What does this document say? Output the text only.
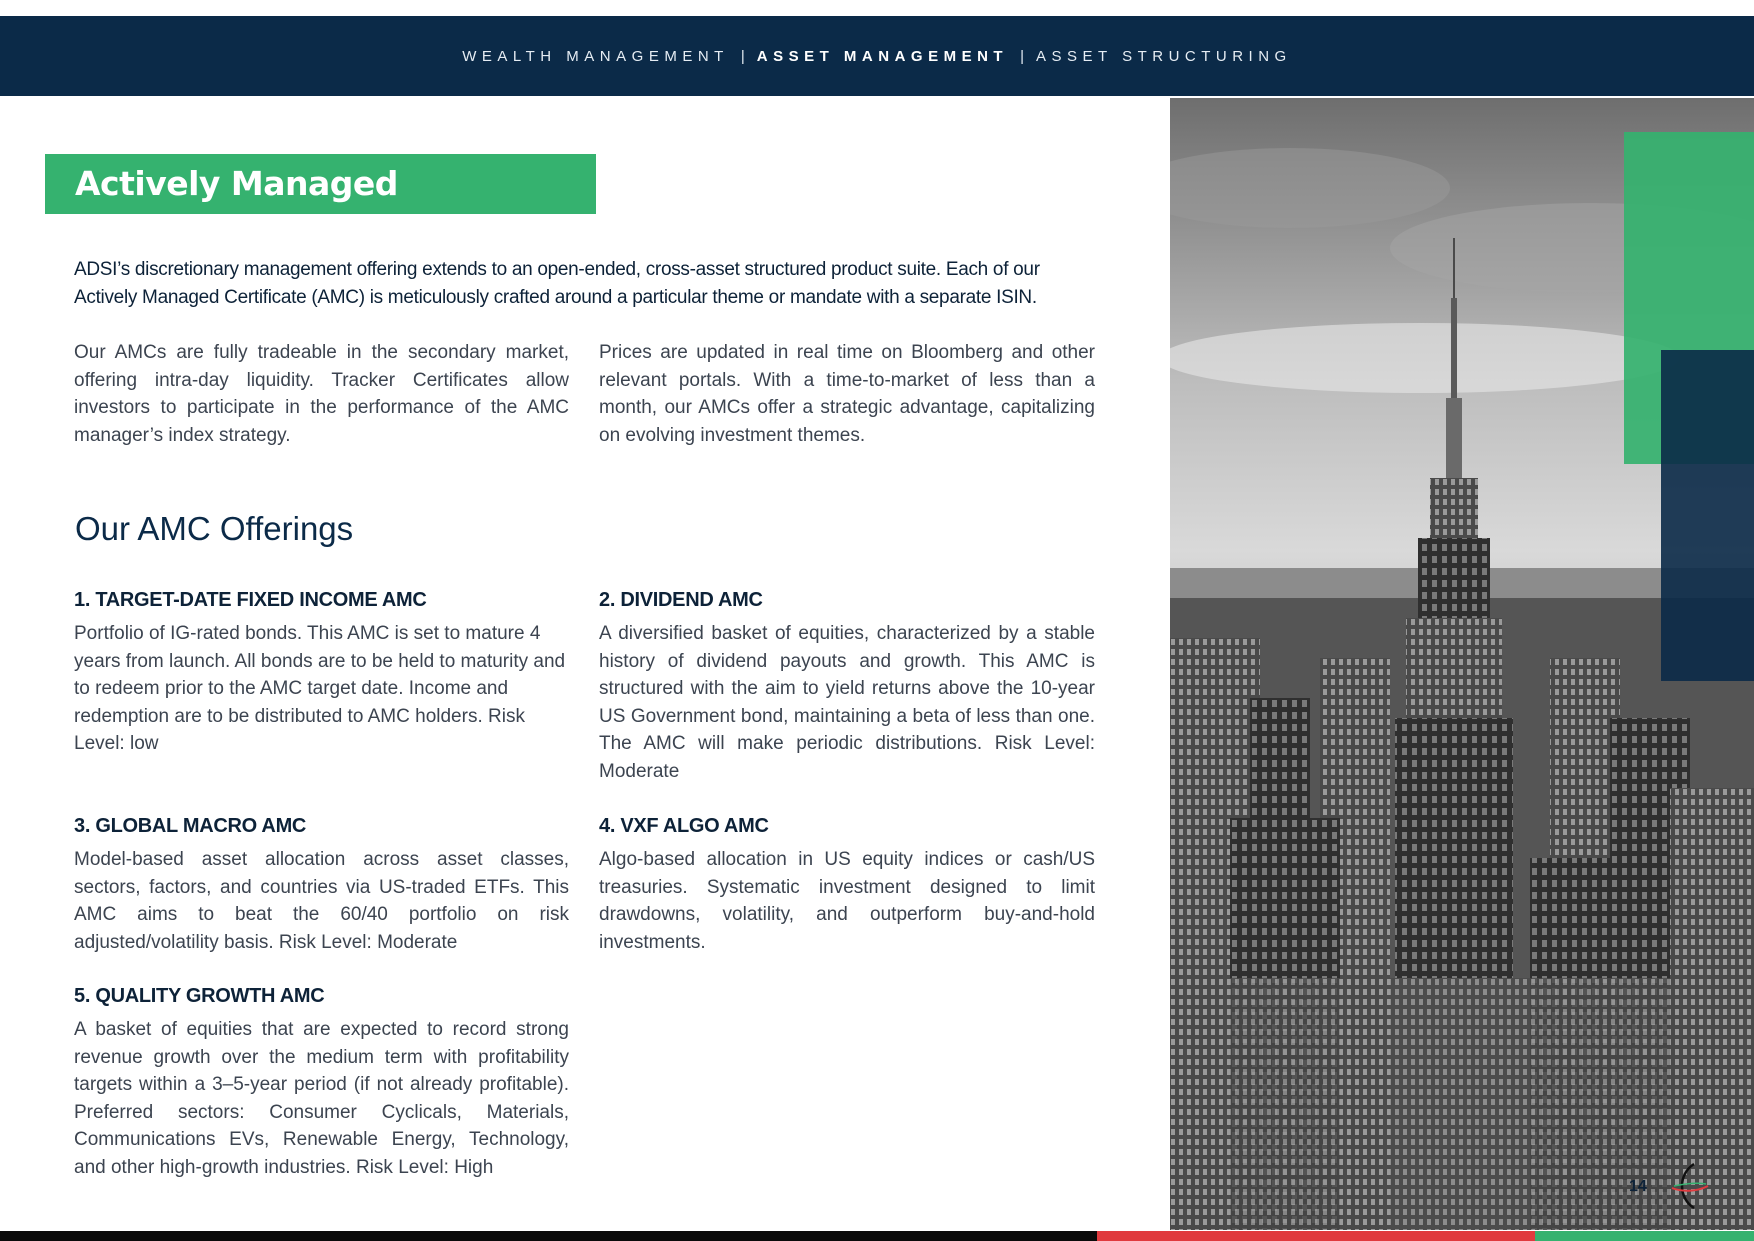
WEALTH MANAGEMENT | ASSET MANAGEMENT | ASSET STRUCTURING
Actively Managed Certificates
ADSI’s discretionary management offering extends to an open-ended, cross-asset structured product suite. Each of our Actively Managed Certificate (AMC) is meticulously crafted around a particular theme or mandate with a separate ISIN.
Our AMCs are fully tradeable in the secondary market, offering intra-day liquidity. Tracker Certificates allow investors to participate in the performance of the AMC manager’s index strategy.
Prices are updated in real time on Bloomberg and other relevant portals. With a time-to-market of less than a month, our AMCs offer a strategic advantage, capitalizing on evolving investment themes.
Our AMC Offerings
1. TARGET-DATE FIXED INCOME AMC
Portfolio of IG-rated bonds. This AMC is set to mature 4 years from launch. All bonds are to be held to maturity and to redeem prior to the AMC target date. Income and redemption are to be distributed to AMC holders. Risk Level: low
2. DIVIDEND AMC
A diversified basket of equities, characterized by a stable history of dividend payouts and growth. This AMC is structured with the aim to yield returns above the 10-year US Government bond, maintaining a beta of less than one. The AMC will make periodic distributions. Risk Level: Moderate
3. GLOBAL MACRO AMC
Model-based asset allocation across asset classes, sectors, factors, and countries via US-traded ETFs. This AMC aims to beat the 60/40 portfolio on risk adjusted/volatility basis. Risk Level: Moderate
4. VXF ALGO AMC
Algo-based allocation in US equity indices or cash/US treasuries. Systematic investment designed to limit drawdowns, volatility, and outperform buy-and-hold investments.
5. QUALITY GROWTH AMC
A basket of equities that are expected to record strong revenue growth over the medium term with profitability targets within a 3–5-year period (if not already profitable). Preferred sectors: Consumer Cyclicals, Materials, Communications EVs, Renewable Energy, Technology, and other high-growth industries. Risk Level: High
14
